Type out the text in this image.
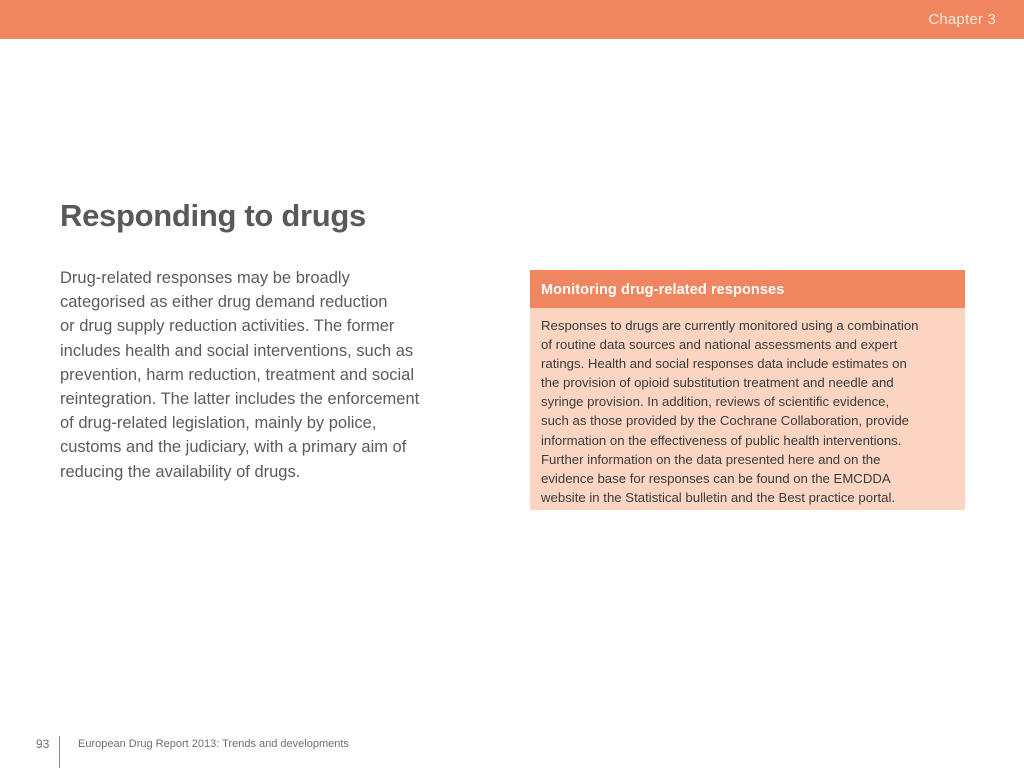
Chapter 3
Responding to drugs

Drug-related responses may be broadly
categorised as either drug demand reduction
or drug supply reduction activities. The former
includes health and social interventions, such as
prevention, harm reduction, treatment and social
reintegration. The latter includes the enforcement
of drug-related legislation, mainly by police,
customs and the judiciary, with a primary aim of
reducing the availability of drugs.

Monitoring drug-related responses

Responses to drugs are currently monitored using a combination
of routine data sources and national assessments and expert
ratings. Health and social responses data include estimates on
the provision of opioid substitution treatment and needle and
syringe provision. In addition, reviews of scientific evidence,
such as those provided by the Cochrane Collaboration, provide
information on the effectiveness of public health interventions.
Further information on the data presented here and on the
evidence base for responses can be found on the EMCDDA
website in the Statistical bulletin and the Best practice portal.

93	European Drug Report 2013: Trends and developments
